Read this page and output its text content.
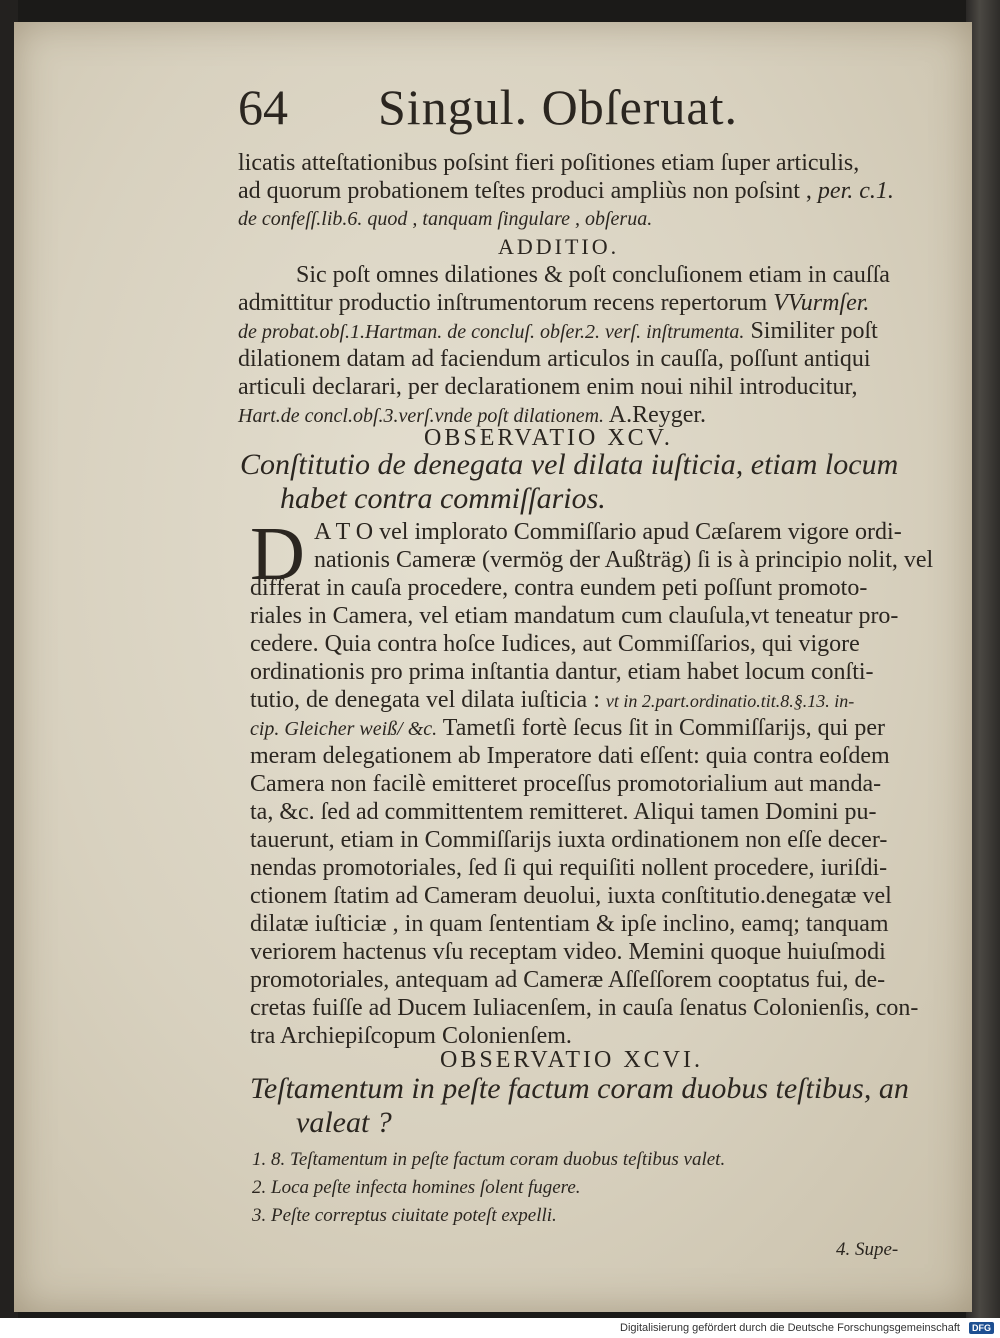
64 Singul. Obſeruat.
licatis atteſtationibus poſsint fieri poſitiones etiam ſuper articulis,
ad quorum probationem teſtes produci ampliùs non poſsint , per. c.1.
de confeſſ.lib.6. quod , tanquam ſingulare , obſerua.
ADDITIO.
Sic poſt omnes dilationes & poſt concluſionem etiam in cauſſa
admittitur productio inſtrumentorum recens repertorum VVurmſer.
de probat.obſ.1.Hartman. de concluſ. obſer.2. verſ. inſtrumenta. Similiter poſt
dilationem datam ad faciendum articulos in cauſſa, poſſunt antiqui
articuli declarari, per declarationem enim noui nihil introducitur,
Hart.de concl.obſ.3.verſ.vnde poſt dilationem. A.Reyger.
OBSERVATIO XCV.
Conſtitutio de denegata vel dilata iuſticia, etiam locum
habet contra commiſſarios.
D A T O vel implorato Commiſſario apud Cæſarem vigore ordi-
nationis Cameræ (vermög der Außträg) ſi is à principio nolit, vel
differat in cauſa procedere, contra eundem peti poſſunt promoto-
riales in Camera, vel etiam mandatum cum clauſula,vt teneatur pro-
cedere. Quia contra hoſce Iudices, aut Commiſſarios, qui vigore
ordinationis pro prima inſtantia dantur, etiam habet locum conſti-
tutio, de denegata vel dilata iuſticia : vt in 2.part.ordinatio.tit.8.§.13. in-
cip. Gleicher weiß/ &c. Tametſi fortè ſecus ſit in Commiſſarijs, qui per
meram delegationem ab Imperatore dati eſſent: quia contra eoſdem
Camera non facilè emitteret proceſſus promotorialium aut manda-
ta, &c. ſed ad committentem remitteret. Aliqui tamen Domini pu-
tauerunt, etiam in Commiſſarijs iuxta ordinationem non eſſe decer-
nendas promotoriales, ſed ſi qui requiſiti nollent procedere, iuriſdi-
ctionem ſtatim ad Cameram deuolui, iuxta conſtitutio.denegatæ vel
dilatæ iuſticiæ , in quam ſententiam & ipſe inclino, eamq; tanquam
veriorem hactenus vſu receptam video. Memini quoque huiuſmodi
promotoriales, antequam ad Cameræ Aſſeſſorem cooptatus fui, de-
cretas fuiſſe ad Ducem Iuliacenſem, in cauſa ſenatus Colonienſis, con-
tra Archiepiſcopum Colonienſem.
OBSERVATIO XCVI.
Teſtamentum in peſte factum coram duobus teſtibus, an
valeat ?
1. 8. Teſtamentum in peſte factum coram duobus teſtibus valet.
2. Loca peſte infecta homines ſolent fugere.
3. Peſte correptus ciuitate poteſt expelli.
4. Supe-
Digitalisierung gefördert durch die Deutsche Forschungsgemeinschaft	DFG
